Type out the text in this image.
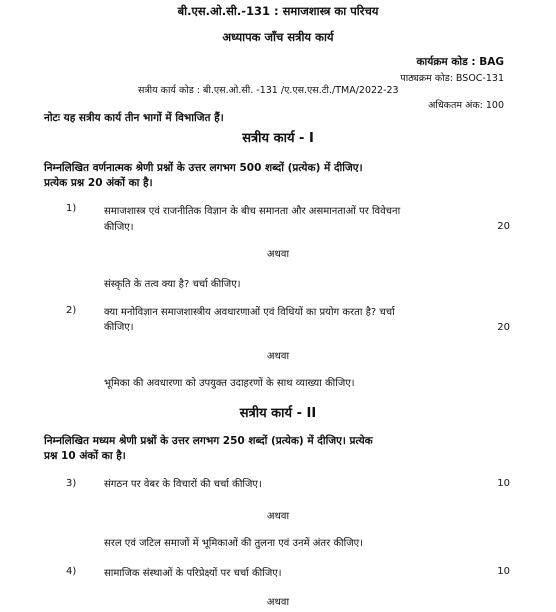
बी.एस.ओ.सी.-131 : समाजशास्त्र का परिचय
अध्यापक जाँच सत्रीय कार्य
कार्यक्रम कोड : BAG
पाठ्यक्रम कोड: BSOC-131
सत्रीय कार्य कोड : बी.एस.ओ.सी. -131 /ए.एस.एस.टी./TMA/2022-23
अधिकतम अंक: 100
नोटः यह सत्रीय कार्य तीन भागों में विभाजित हैं।
सत्रीय कार्य - I
निम्नलिखित वर्णनात्मक श्रेणी प्रश्नों के उत्तर लगभग 500 शब्दों (प्रत्येक) में दीजिए।
प्रत्येक प्रश्न 20 अंकों का है।
1)	समाजशास्त्र एवं राजनीतिक विज्ञान के बीच समानता और असमानताओं पर विवेचना
कीजिए।	20
अथवा
संस्कृति के तत्व क्या है? चर्चा कीजिए।
2)	क्या मनोविज्ञान समाजशास्त्रीय अवधारणाओं एवं विधियों का प्रयोग करता है? चर्चा
कीजिए।	20
अथवा
भूमिका की अवधारणा को उपयुक्त उदाहरणों के साथ व्याख्या कीजिए।
सत्रीय कार्य - II
निम्नलिखित मध्यम श्रेणी प्रश्नों के उत्तर लगभग 250 शब्दों (प्रत्येक) में दीजिए। प्रत्येक
प्रश्न 10 अंकों का है।
3)	संगठन पर वेबर के विचारों की चर्चा कीजिए।	10
अथवा
सरल एवं जटिल समाजों में भूमिकाओं की तुलना एवं उनमें अंतर कीजिए।
4)	सामाजिक संस्थाओं के परिप्रेक्ष्यों पर चर्चा कीजिए।	10
अथवा
